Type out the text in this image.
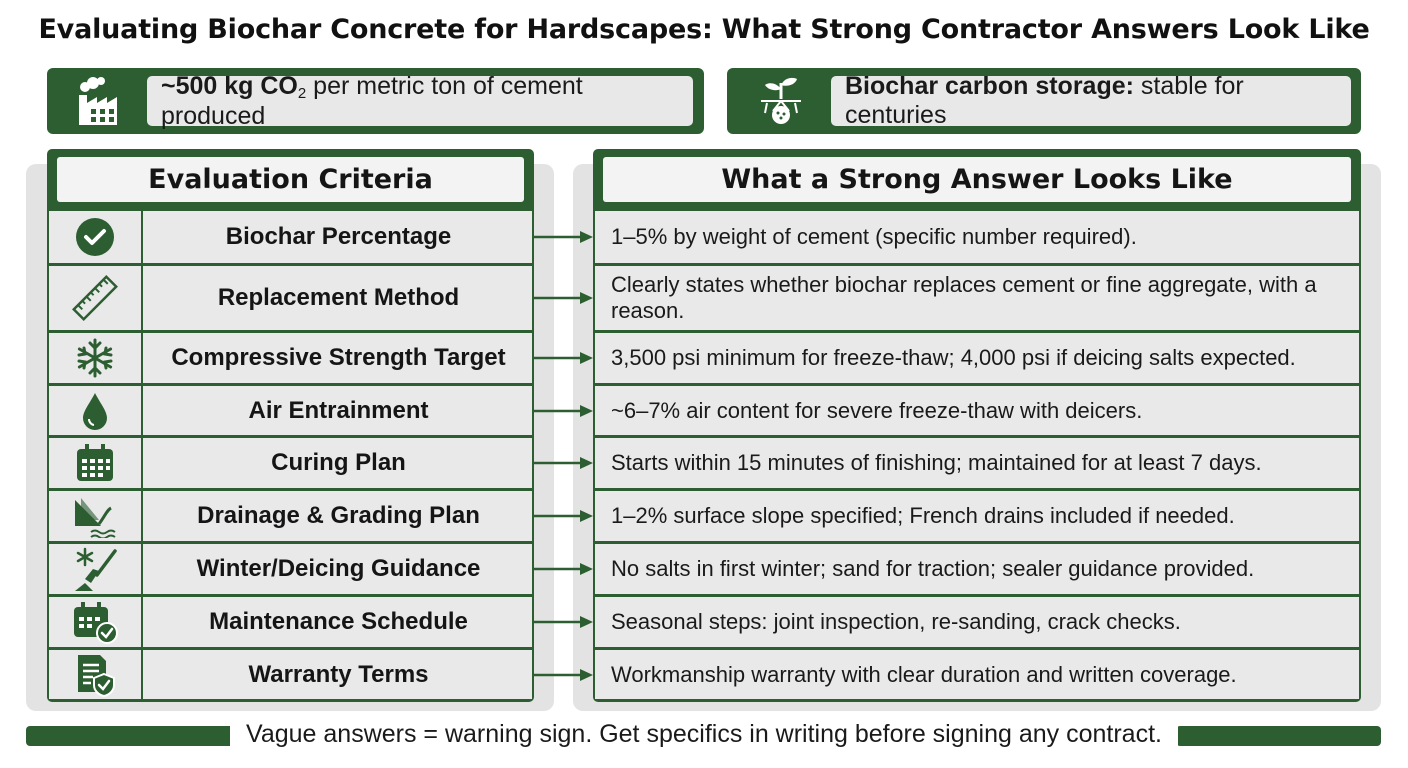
Evaluating Biochar Concrete for Hardscapes: What Strong Contractor Answers Look Like
~500 kg $CO_2$ per metric ton of cement produced
Biochar carbon storage: stable for centuries
Evaluation Criteria	What a Strong Answer Looks Like
Biochar Percentage	1–5% by weight of cement (specific number required).
Replacement Method	Clearly states whether biochar replaces cement or fine aggregate, with a reason.
Compressive Strength Target	3,500 psi minimum for freeze-thaw; 4,000 psi if deicing salts expected.
Air Entrainment	~6–7% air content for severe freeze-thaw with deicers.
Curing Plan	Starts within 15 minutes of finishing; maintained for at least 7 days.
Drainage & Grading Plan	1–2% surface slope specified; French drains included if needed.
Winter/Deicing Guidance	No salts in first winter; sand for traction; sealer guidance provided.
Maintenance Schedule	Seasonal steps: joint inspection, re-sanding, crack checks.
Warranty Terms	Workmanship warranty with clear duration and written coverage.
Vague answers = warning sign. Get specifics in writing before signing any contract.
